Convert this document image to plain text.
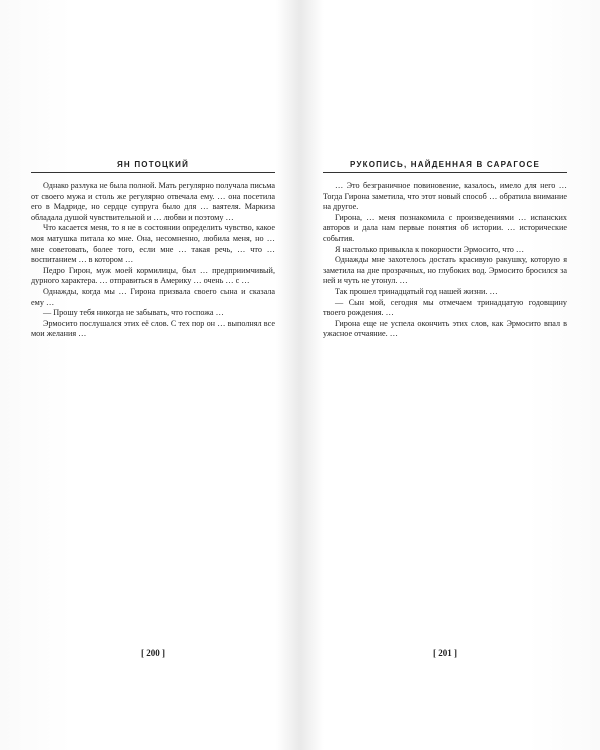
ЯН ПОТОЦКИЙ

Однако разлука не была полной. Мать регулярно получала письма от своего мужа и столь же регулярно отвечала ему. … она посетила его в Мадриде, но сердце супруга было для … ваятеля. Маркиза обладала душой чувствительной и … любви и поэтому …

Что касается меня, то я не в состоянии определить чувство, какое моя матушка питала ко мне. Она, несомненно, любила меня, но … мне советовать, более того, если мне … такая речь, … что … воспитанием … в котором …

Педро Гирон, муж моей кормилицы, был … предприимчивый, дурного характера. … отправиться в Америку … очень … с …

Однажды, когда мы … Гирона призвала своего сына и сказала ему …

— Прошу тебя никогда не забывать, что госпожа …

Эрмосито послушался этих её слов. С тех пор он … выполнял все мои желания …

[ 200 ]
РУКОПИСЬ, НАЙДЕННАЯ В САРАГОСЕ

… Это безграничное повиновение, казалось, имело для него … Тогда Гирона заметила, что этот новый способ … обратила внимание на другое.

Гирона, … меня познакомила с произведениями … испанских авторов и дала нам первые понятия об истории. … исторические события.

Я настолько привыкла к покорности Эрмосито, что …

Однажды мне захотелось достать красивую ракушку, которую я заметила на дне прозрачных, но глубоких вод. Эрмосито бросился за ней и чуть не утонул. …

Так прошел тринадцатый год нашей жизни. …

— Сын мой, сегодня мы отмечаем тринадцатую годовщину твоего рождения. …

Гирона еще не успела окончить этих слов, как Эрмосито впал в ужасное отчаяние. …

[ 201 ]
